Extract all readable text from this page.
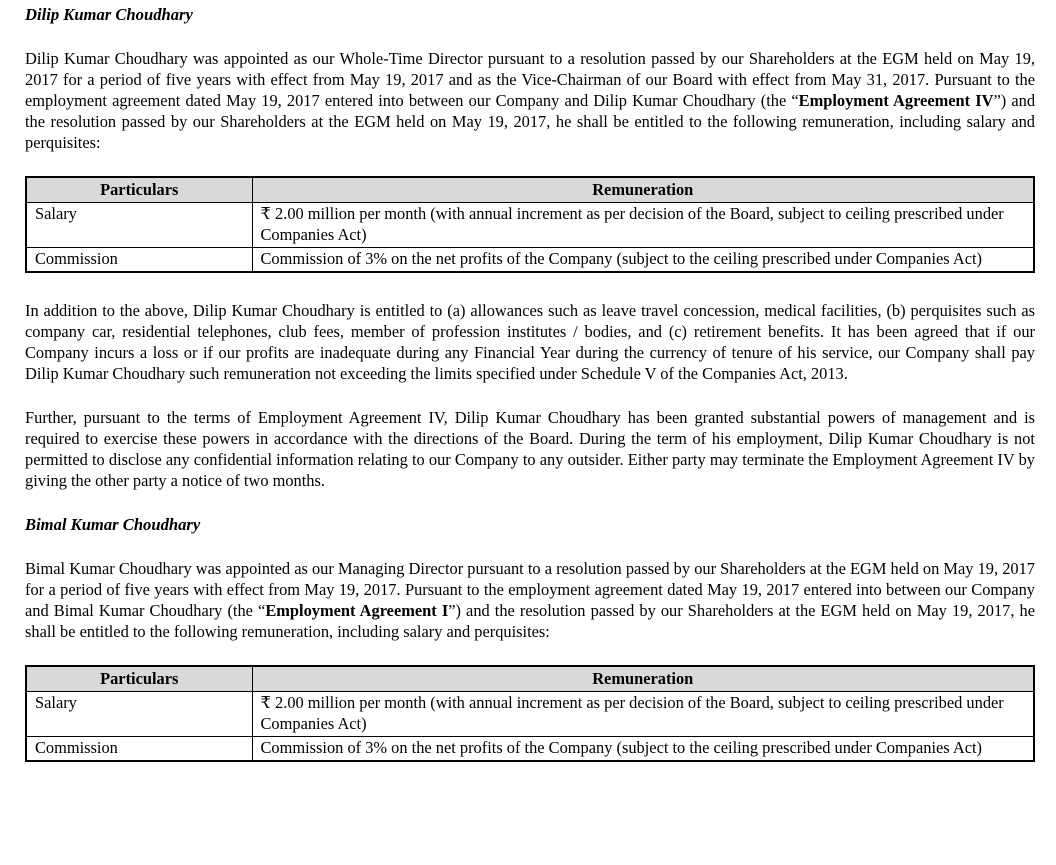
Dilip Kumar Choudhary

Dilip Kumar Choudhary was appointed as our Whole-Time Director pursuant to a resolution passed by our Shareholders at the EGM held on May 19, 2017 for a period of five years with effect from May 19, 2017 and as the Vice-Chairman of our Board with effect from May 31, 2017. Pursuant to the employment agreement dated May 19, 2017 entered into between our Company and Dilip Kumar Choudhary (the “Employment Agreement IV”) and the resolution passed by our Shareholders at the EGM held on May 19, 2017, he shall be entitled to the following remuneration, including salary and perquisites:

Particulars	Remuneration
Salary	₹ 2.00 million per month (with annual increment as per decision of the Board, subject to ceiling prescribed under Companies Act)
Commission	Commission of 3% on the net profits of the Company (subject to the ceiling prescribed under Companies Act)

In addition to the above, Dilip Kumar Choudhary is entitled to (a) allowances such as leave travel concession, medical facilities, (b) perquisites such as company car, residential telephones, club fees, member of profession institutes / bodies, and (c) retirement benefits. It has been agreed that if our Company incurs a loss or if our profits are inadequate during any Financial Year during the currency of tenure of his service, our Company shall pay Dilip Kumar Choudhary such remuneration not exceeding the limits specified under Schedule V of the Companies Act, 2013.

Further, pursuant to the terms of Employment Agreement IV, Dilip Kumar Choudhary has been granted substantial powers of management and is required to exercise these powers in accordance with the directions of the Board. During the term of his employment, Dilip Kumar Choudhary is not permitted to disclose any confidential information relating to our Company to any outsider. Either party may terminate the Employment Agreement IV by giving the other party a notice of two months.

Bimal Kumar Choudhary

Bimal Kumar Choudhary was appointed as our Managing Director pursuant to a resolution passed by our Shareholders at the EGM held on May 19, 2017 for a period of five years with effect from May 19, 2017. Pursuant to the employment agreement dated May 19, 2017 entered into between our Company and Bimal Kumar Choudhary (the “Employment Agreement I”) and the resolution passed by our Shareholders at the EGM held on May 19, 2017, he shall be entitled to the following remuneration, including salary and perquisites:

Particulars	Remuneration
Salary	₹ 2.00 million per month (with annual increment as per decision of the Board, subject to ceiling prescribed under Companies Act)
Commission	Commission of 3% on the net profits of the Company (subject to the ceiling prescribed under Companies Act)
